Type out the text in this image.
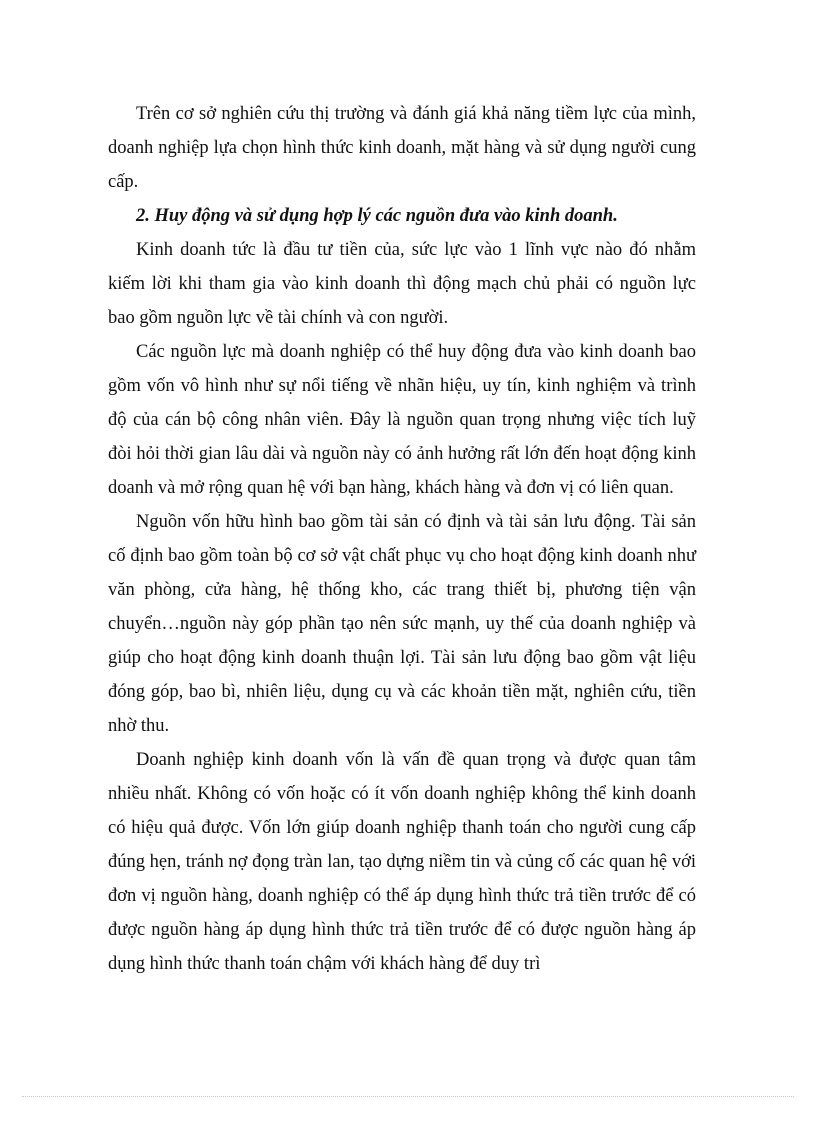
Trên cơ sở nghiên cứu thị trường và đánh giá khả năng tiềm lực của mình, doanh nghiệp lựa chọn hình thức kinh doanh, mặt hàng và sử dụng người cung cấp.

2. Huy động và sử dụng hợp lý các nguồn đưa vào kinh doanh.

Kinh doanh tức là đầu tư tiền của, sức lực vào 1 lĩnh vực nào đó nhằm kiếm lời khi tham gia vào kinh doanh thì động mạch chủ phải có nguồn lực bao gồm nguồn lực về tài chính và con người.

Các nguồn lực mà doanh nghiệp có thể huy động đưa vào kinh doanh bao gồm vốn vô hình như sự nổi tiếng về nhãn hiệu, uy tín, kinh nghiệm và trình độ của cán bộ công nhân viên. Đây là nguồn quan trọng nhưng việc tích luỹ đòi hỏi thời gian lâu dài và nguồn này có ảnh hưởng rất lớn đến hoạt động kinh doanh và mở rộng quan hệ với bạn hàng, khách hàng và đơn vị có liên quan.

Nguồn vốn hữu hình bao gồm tài sản có định và tài sản lưu động. Tài sản cố định bao gồm toàn bộ cơ sở vật chất phục vụ cho hoạt động kinh doanh như văn phòng, cửa hàng, hệ thống kho, các trang thiết bị, phương tiện vận chuyển…nguồn này góp phần tạo nên sức mạnh, uy thế của doanh nghiệp và giúp cho hoạt động kinh doanh thuận lợi. Tài sản lưu động bao gồm vật liệu đóng góp, bao bì, nhiên liệu, dụng cụ và các khoản tiền mặt, nghiên cứu, tiền nhờ thu.

Doanh nghiệp kinh doanh vốn là vấn đề quan trọng và được quan tâm nhiều nhất. Không có vốn hoặc có ít vốn doanh nghiệp không thể kinh doanh có hiệu quả được. Vốn lớn giúp doanh nghiệp thanh toán cho người cung cấp đúng hẹn, tránh nợ đọng tràn lan, tạo dựng niềm tin và củng cố các quan hệ với đơn vị nguồn hàng, doanh nghiệp có thể áp dụng hình thức trả tiền trước để có được nguồn hàng áp dụng hình thức trả tiền trước để có được nguồn hàng áp dụng hình thức thanh toán chậm với khách hàng để duy trì
